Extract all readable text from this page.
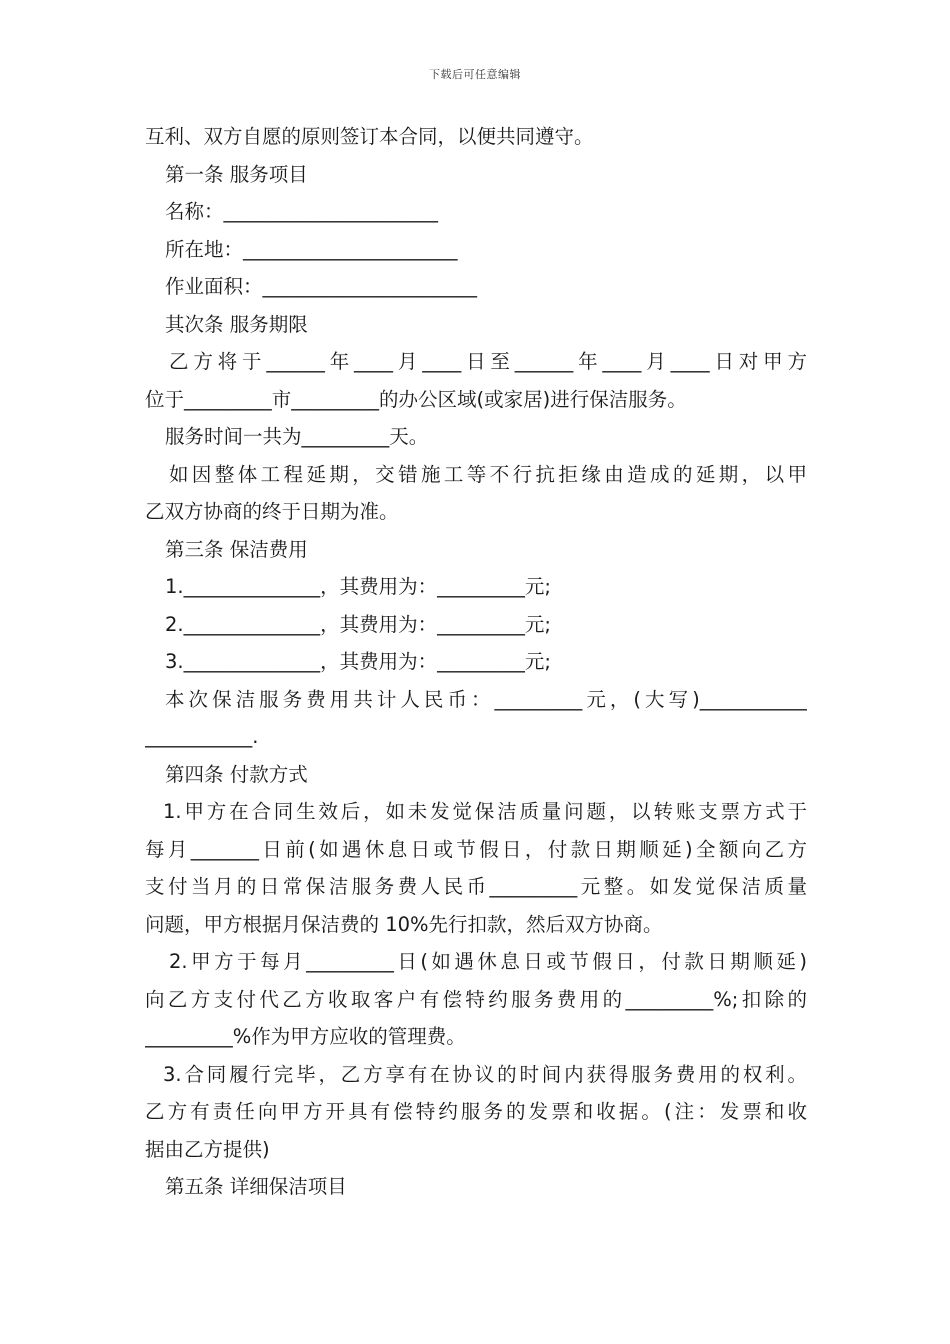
下载后可任意编辑
互利、双方自愿的原则签订本合同，以便共同遵守。
第一条 服务项目
名称：______________________
所在地：______________________
作业面积：______________________
其次条 服务期限
乙方将于______年____月____日至______年____月____日对甲方
位于_________市_________的办公区域(或家居)进行保洁服务。
服务时间一共为_________天。
如因整体工程延期，交错施工等不行抗拒缘由造成的延期，以甲
乙双方协商的终于日期为准。
第三条 保洁费用
1.______________，其费用为：_________元;
2.______________，其费用为：_________元;
3.______________，其费用为：_________元;
本次保洁服务费用共计人民币：_________元，(大写)___________
___________.
第四条 付款方式
1.甲方在合同生效后，如未发觉保洁质量问题，以转账支票方式于
每月_______日前(如遇休息日或节假日，付款日期顺延)全额向乙方
支付当月的日常保洁服务费人民币_________元整。如发觉保洁质量
问题，甲方根据月保洁费的 10%先行扣款，然后双方协商。
2.甲方于每月_________日(如遇休息日或节假日，付款日期顺延)
向乙方支付代乙方收取客户有偿特约服务费用的_________%;扣除的
_________%作为甲方应收的管理费。
3.合同履行完毕，乙方享有在协议的时间内获得服务费用的权利。
乙方有责任向甲方开具有偿特约服务的发票和收据。(注：发票和收
据由乙方提供)
第五条 详细保洁项目
